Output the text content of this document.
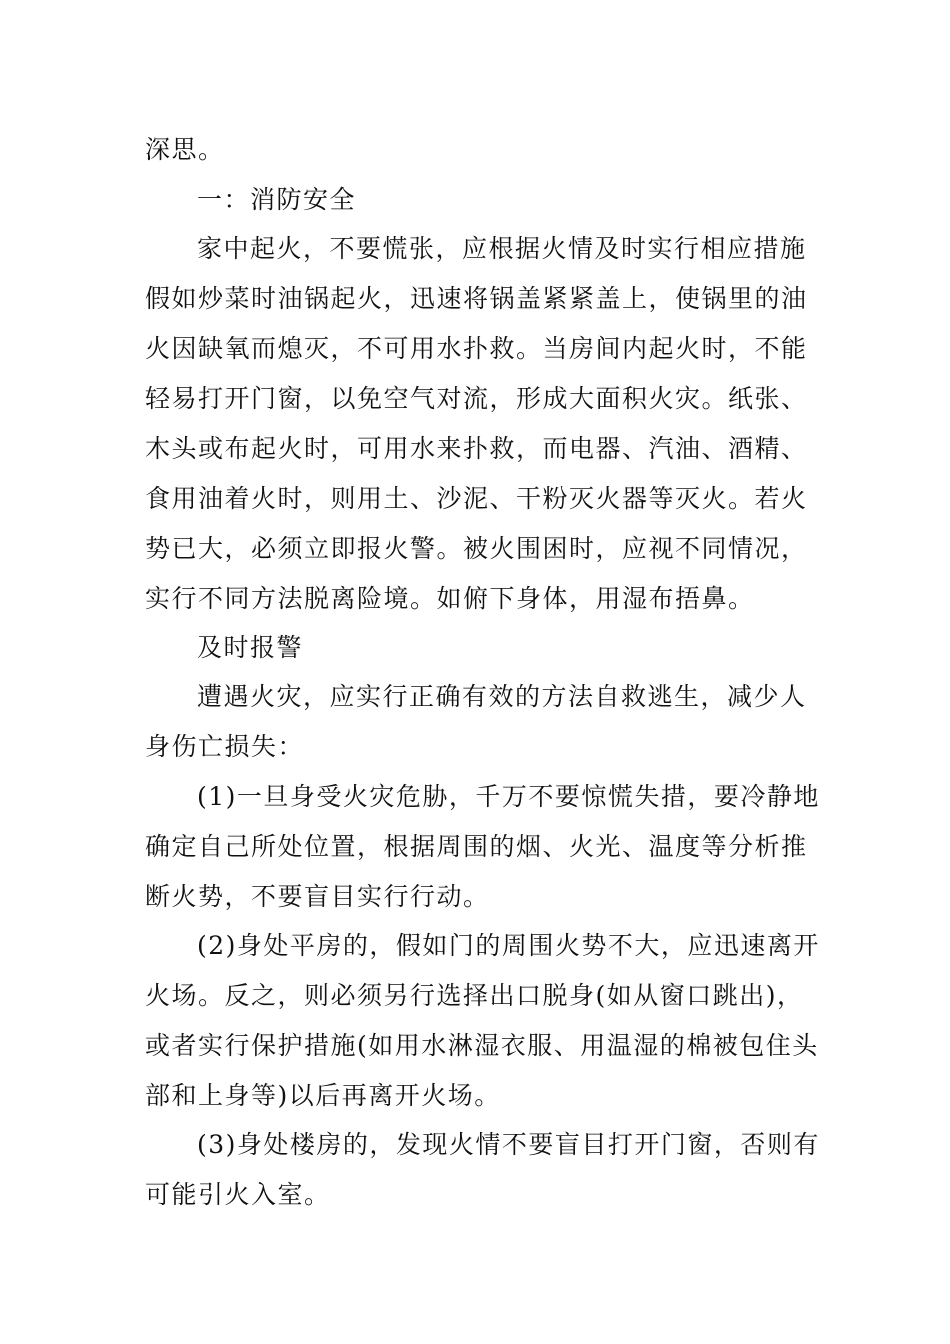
深思。
一：消防安全
家中起火，不要慌张，应根据火情及时实行相应措施
假如炒菜时油锅起火，迅速将锅盖紧紧盖上，使锅里的油
火因缺氧而熄灭，不可用水扑救。当房间内起火时，不能
轻易打开门窗，以免空气对流，形成大面积火灾。纸张、
木头或布起火时，可用水来扑救，而电器、汽油、酒精、
食用油着火时，则用土、沙泥、干粉灭火器等灭火。若火
势已大，必须立即报火警。被火围困时，应视不同情况，
实行不同方法脱离险境。如俯下身体，用湿布捂鼻。
及时报警
遭遇火灾，应实行正确有效的方法自救逃生，减少人
身伤亡损失：
(1)一旦身受火灾危胁，千万不要惊慌失措，要冷静地
确定自己所处位置，根据周围的烟、火光、温度等分析推
断火势，不要盲目实行行动。
(2)身处平房的，假如门的周围火势不大，应迅速离开
火场。反之，则必须另行选择出口脱身(如从窗口跳出)，
或者实行保护措施(如用水淋湿衣服、用温湿的棉被包住头
部和上身等)以后再离开火场。
(3)身处楼房的，发现火情不要盲目打开门窗，否则有
可能引火入室。
